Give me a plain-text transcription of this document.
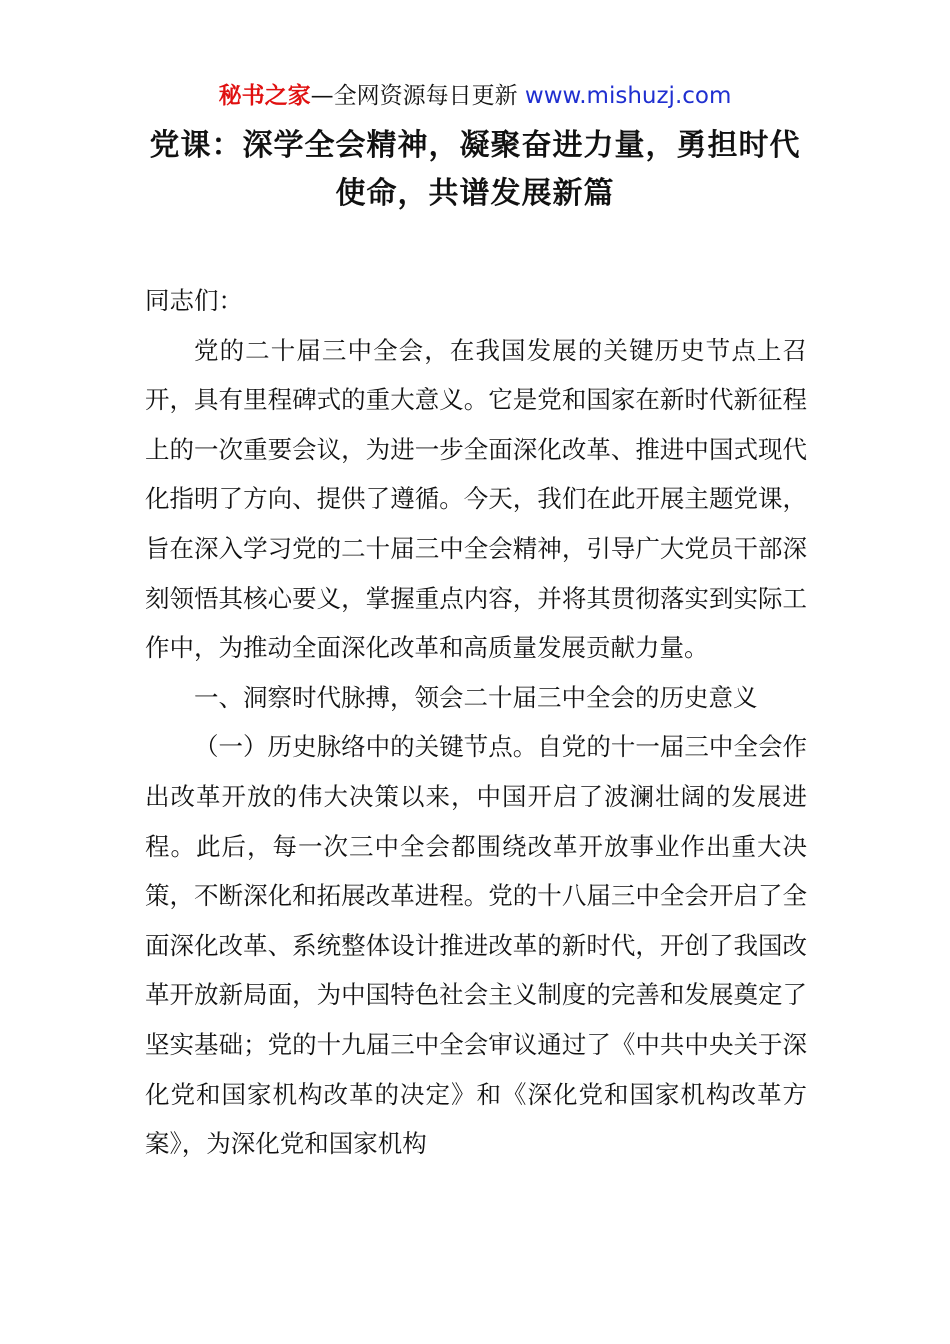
秘书之家—全网资源每日更新 www.mishuzj.com
党课：深学全会精神，凝聚奋进力量，勇担时代使命，共谱发展新篇

同志们：

党的二十届三中全会，在我国发展的关键历史节点上召开，具有里程碑式的重大意义。它是党和国家在新时代新征程上的一次重要会议，为进一步全面深化改革、推进中国式现代化指明了方向、提供了遵循。今天，我们在此开展主题党课，旨在深入学习党的二十届三中全会精神，引导广大党员干部深刻领悟其核心要义，掌握重点内容，并将其贯彻落实到实际工作中，为推动全面深化改革和高质量发展贡献力量。

一、洞察时代脉搏，领会二十届三中全会的历史意义

（一）历史脉络中的关键节点。自党的十一届三中全会作出改革开放的伟大决策以来，中国开启了波澜壮阔的发展进程。此后，每一次三中全会都围绕改革开放事业作出重大决策，不断深化和拓展改革进程。党的十八届三中全会开启了全面深化改革、系统整体设计推进改革的新时代，开创了我国改革开放新局面，为中国特色社会主义制度的完善和发展奠定了坚实基础；党的十九届三中全会审议通过了《中共中央关于深化党和国家机构改革的决定》和《深化党和国家机构改革方案》，为深化党和国家机构
